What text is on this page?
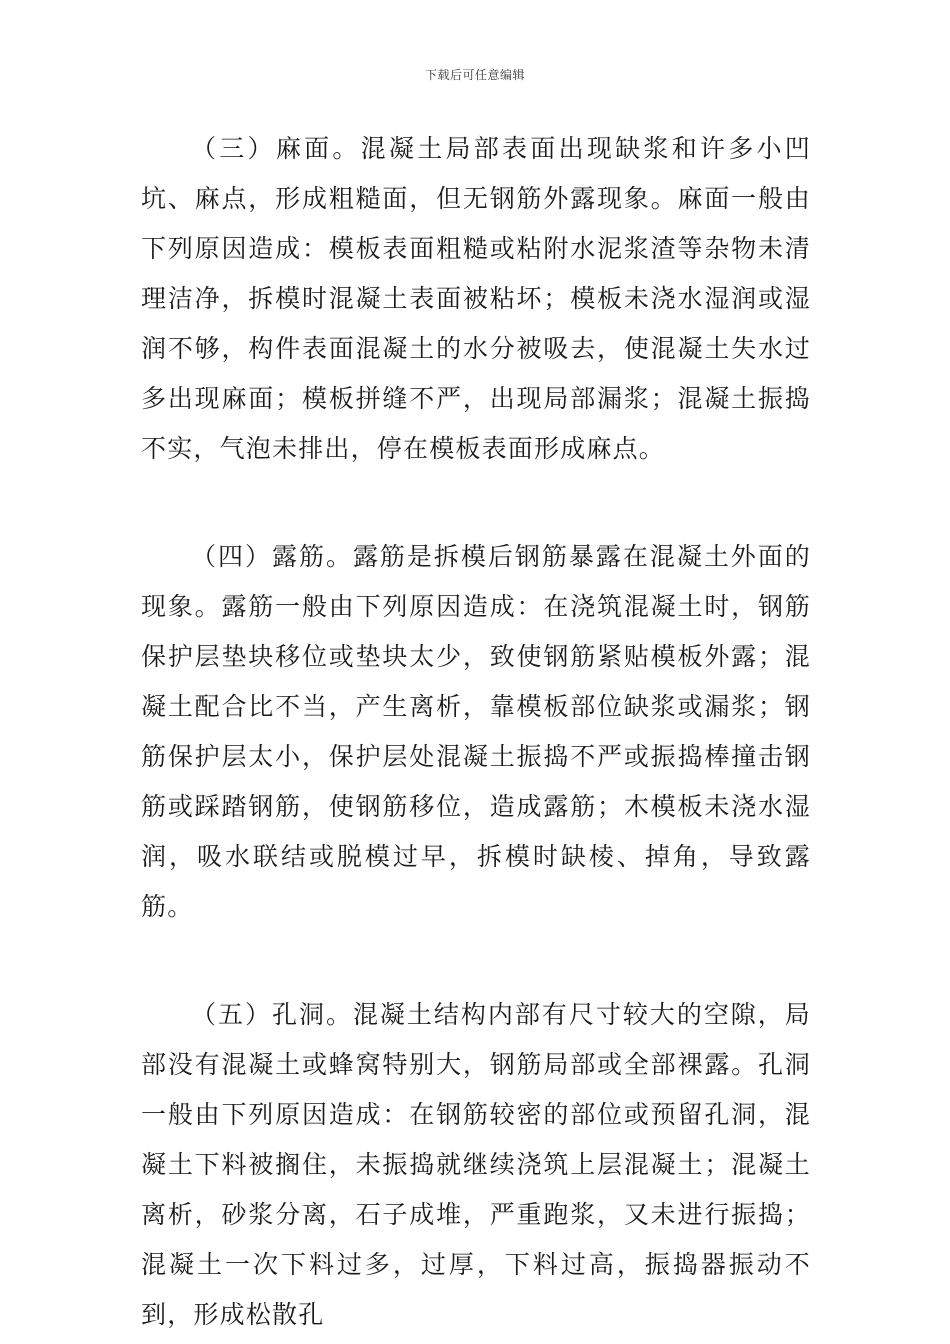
下载后可任意编辑

（三）麻面。混凝土局部表面出现缺浆和许多小凹坑、麻点，形成粗糙面，但无钢筋外露现象。麻面一般由下列原因造成：模板表面粗糙或粘附水泥浆渣等杂物未清理洁净，拆模时混凝土表面被粘坏；模板未浇水湿润或湿润不够，构件表面混凝土的水分被吸去，使混凝土失水过多出现麻面；模板拼缝不严，出现局部漏浆；混凝土振捣不实，气泡未排出，停在模板表面形成麻点。

（四）露筋。露筋是拆模后钢筋暴露在混凝土外面的现象。露筋一般由下列原因造成：在浇筑混凝土时，钢筋保护层垫块移位或垫块太少，致使钢筋紧贴模板外露；混凝土配合比不当，产生离析，靠模板部位缺浆或漏浆；钢筋保护层太小，保护层处混凝土振捣不严或振捣棒撞击钢筋或踩踏钢筋，使钢筋移位，造成露筋；木模板未浇水湿润，吸水联结或脱模过早，拆模时缺棱、掉角，导致露筋。

（五）孔洞。混凝土结构内部有尺寸较大的空隙，局部没有混凝土或蜂窝特别大，钢筋局部或全部裸露。孔洞一般由下列原因造成：在钢筋较密的部位或预留孔洞，混凝土下料被搁住，未振捣就继续浇筑上层混凝土；混凝土离析，砂浆分离，石子成堆，严重跑浆，又未进行振捣；混凝土一次下料过多，过厚，下料过高，振捣器振动不到，形成松散孔
